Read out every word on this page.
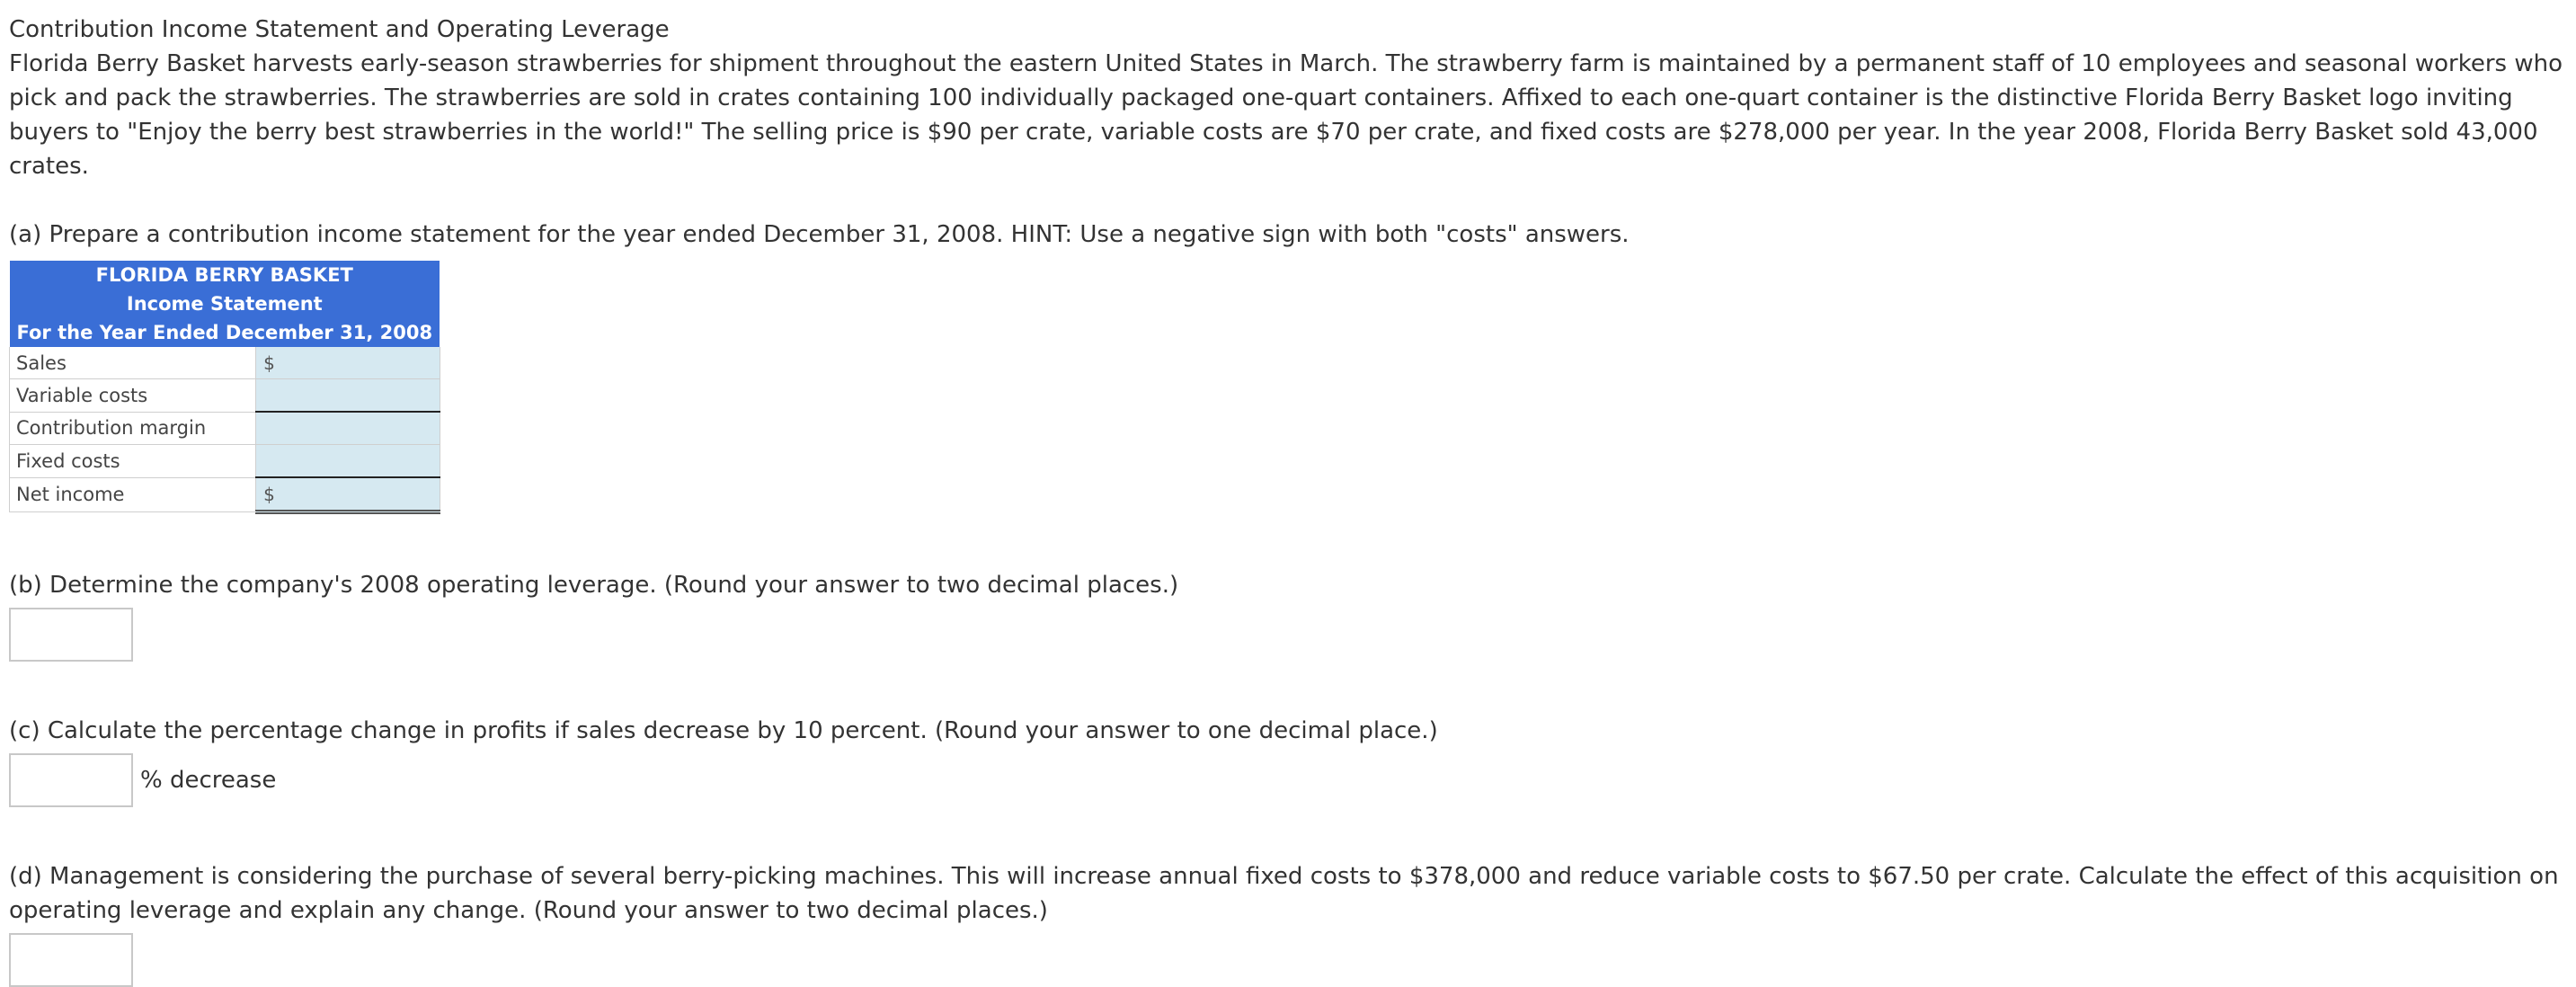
Contribution Income Statement and Operating Leverage

Florida Berry Basket harvests early-season strawberries for shipment throughout the eastern United States in March. The strawberry farm is maintained by a permanent staff of 10 employees and seasonal workers who pick and pack the strawberries. The strawberries are sold in crates containing 100 individually packaged one-quart containers. Affixed to each one-quart container is the distinctive Florida Berry Basket logo inviting buyers to "Enjoy the berry best strawberries in the world!" The selling price is $90 per crate, variable costs are $70 per crate, and fixed costs are $278,000 per year. In the year 2008, Florida Berry Basket sold 43,000 crates.

(a) Prepare a contribution income statement for the year ended December 31, 2008. HINT: Use a negative sign with both "costs" answers.

FLORIDA BERRY BASKET	
Income Statement	
For the Year Ended December 31, 2008	
Sales	$

Variable costs	

Contribution margin	

Fixed costs	

Net income	$

(b) Determine the company's 2008 operating leverage. (Round your answer to two decimal places.)

(c) Calculate the percentage change in profits if sales decrease by 10 percent. (Round your answer to one decimal place.)

% decrease

(d) Management is considering the purchase of several berry-picking machines. This will increase annual fixed costs to $378,000 and reduce variable costs to $67.50 per crate. Calculate the effect of this acquisition on operating leverage and explain any change. (Round your answer to two decimal places.)
